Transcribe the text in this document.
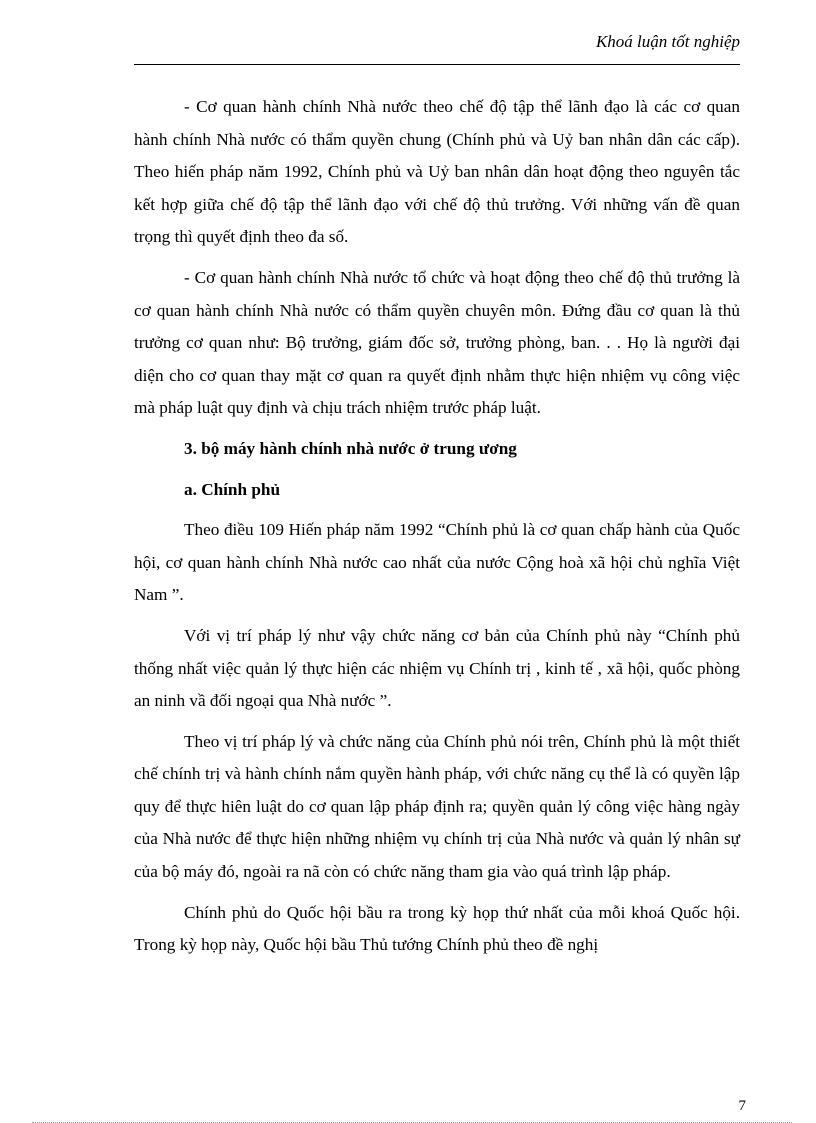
Khoá luận tốt nghiệp

- Cơ quan hành chính Nhà nước theo chế độ tập thể lãnh đạo là các cơ quan hành chính Nhà nước có thẩm quyền chung (Chính phủ và Uỷ ban nhân dân các cấp). Theo hiến pháp năm 1992, Chính phủ và Uỷ ban nhân dân hoạt động theo nguyên tắc kết hợp giữa chế độ tập thể lãnh đạo với chế độ thủ trưởng. Với những vấn đề quan trọng thì quyết định theo đa số.

- Cơ quan hành chính Nhà nước tổ chức và hoạt động theo chế độ thủ trưởng là cơ quan hành chính Nhà nước có thẩm quyền chuyên môn. Đứng đầu cơ quan là thủ trưởng cơ quan như: Bộ trưởng, giám đốc sở, trưởng phòng, ban. . . Họ là người đại diện cho cơ quan thay mặt cơ quan ra quyết định nhằm thực hiện nhiệm vụ công việc mà pháp luật quy định và chịu trách nhiệm trước pháp luật.

3. bộ máy hành chính nhà nước ở trung ương

a. Chính phủ

Theo điều 109 Hiến pháp năm 1992 “Chính phủ là cơ quan chấp hành của Quốc hội, cơ quan hành chính Nhà nước cao nhất của nước Cộng hoà xã hội chủ nghĩa Việt Nam ”.

Với vị trí pháp lý như vậy chức năng cơ bản của Chính phủ này “Chính phủ thống nhất việc quản lý thực hiện các nhiệm vụ Chính trị , kinh tế , xã hội, quốc phòng an ninh vầ đối ngoại qua Nhà nước ”.

Theo vị trí pháp lý và chức năng của Chính phủ nói trên, Chính phủ là một thiết chế chính trị và hành chính nắm quyền hành pháp, với chức năng cụ thể là có quyền lập quy để thực hiên luật do cơ quan lập pháp định ra; quyền quản lý công việc hàng ngày của Nhà nước để thực hiện những nhiệm vụ chính trị của Nhà nước và quản lý nhân sự của bộ máy đó, ngoài ra nã còn có chức năng tham gia vào quá trình lập pháp.

Chính phủ do Quốc hội bầu ra trong kỳ họp thứ nhất của mỗi khoá Quốc hội. Trong kỳ họp này, Quốc hội bầu Thủ tướng Chính phủ theo đề nghị

7
